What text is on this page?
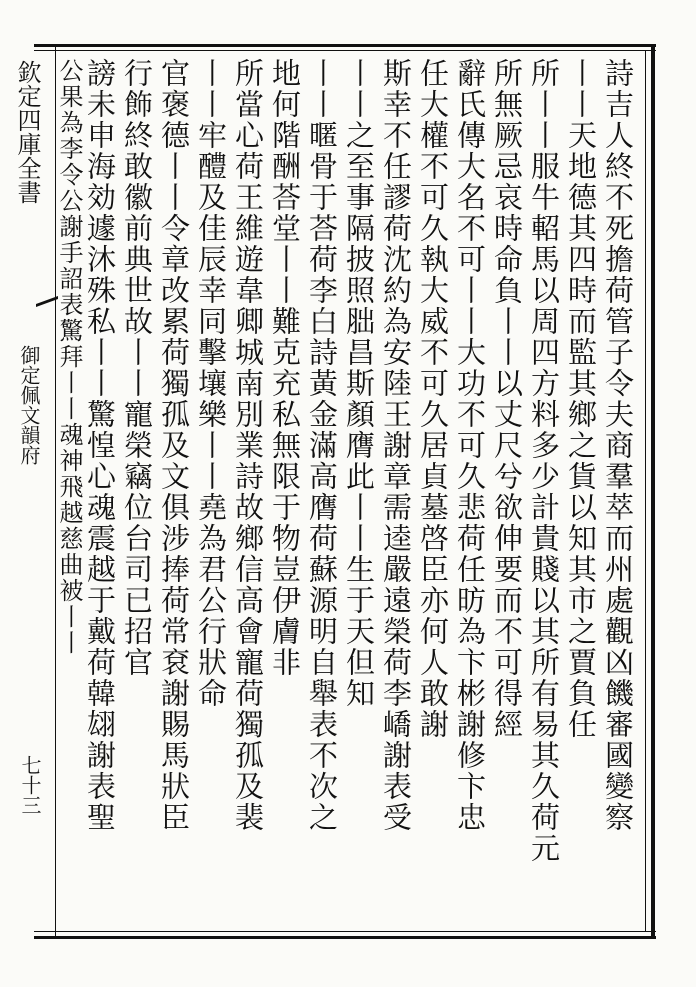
欽定四庫全書
御定佩文韻府
七十三	詩吉人終不死擔荷管子令夫商羣萃而州處觀凶饑審國變察
丨丨天地德其四時而監其鄉之貨以知其市之賈負任
所丨丨服牛軺馬以周四方料多少計貴賤以其所有易其久荷元
所無厥忌哀時命負丨丨以丈尺兮欲伸要而不可得經
辭氏傳大名不可丨丨大功不可久悲荷任昉為卞彬謝修卞忠
任大權不可久執大威不可久居貞墓啓臣亦何人敢謝
斯幸不任謬荷沈約為安陸王謝章需逵嚴遠榮荷李嶠謝表受
丨丨之至事隔披照胐昌斯顏膺此丨丨生于天但知
丨丨暱骨于荅荷李白詩黃金滿高膺荷蘇源明自舉表不次之
地何階酬荅堂丨丨難克充私無限于物豈伊膚非
所當心荷王維遊韋卿城南別業詩故鄉信高會寵荷獨孤及裴
丨丨牢醴及佳辰幸同擊壤樂丨丨堯為君公行狀命
官褒德丨丨令章改累荷獨孤及文俱涉捧荷常袞謝賜馬狀臣
行飾終敢徽前典世故丨丨寵榮竊位台司已招官
謗未申海効遽沐殊私丨丨驚惶心魂震越于戴荷韓翃謝表聖
公果為李令公謝手詔表驚拜丨丨魂神飛越慈曲被丨丨
